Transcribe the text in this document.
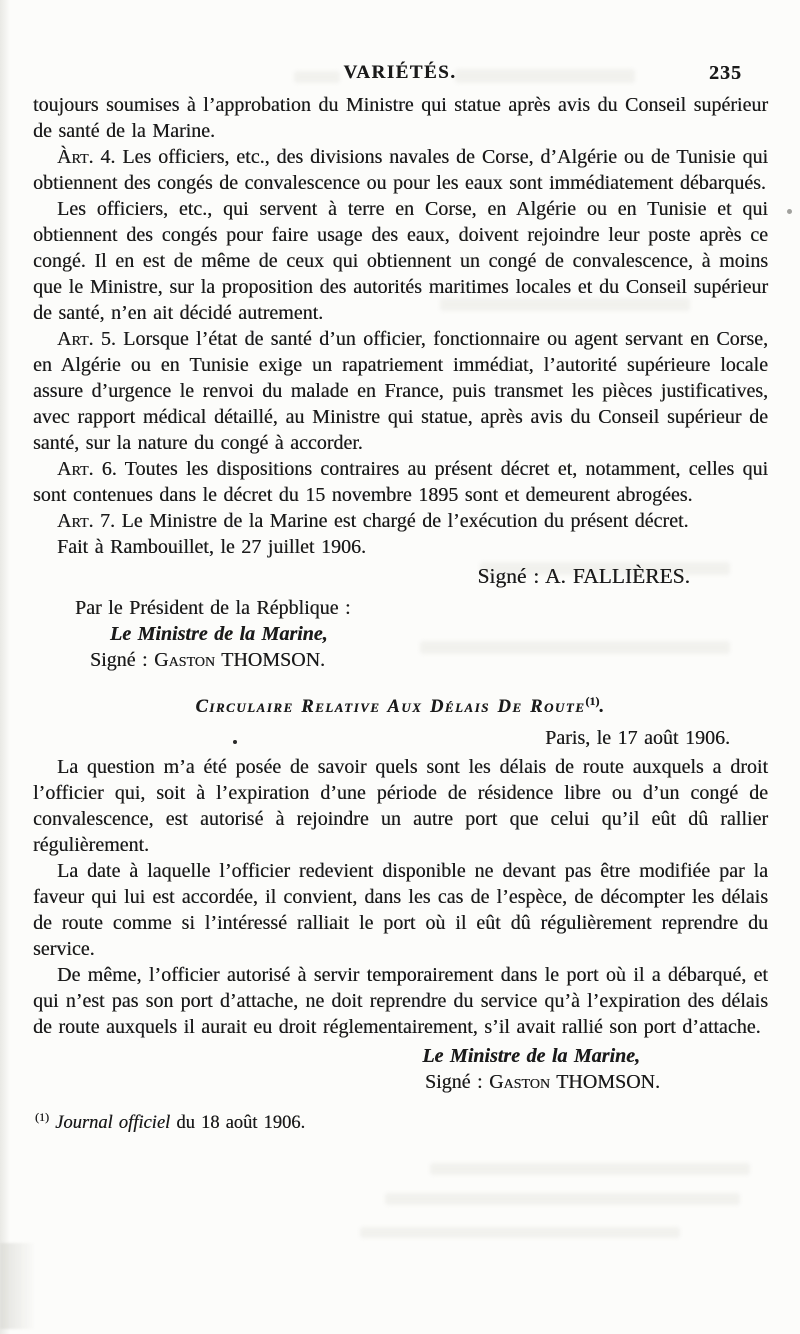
VARIÉTÉS.	235

toujours soumises à l’approbation du Ministre qui statue après avis du Conseil supérieur de santé de la Marine.

Àrt. 4. Les officiers, etc., des divisions navales de Corse, d’Algérie ou de Tunisie qui obtiennent des congés de convalescence ou pour les eaux sont immédiatement débarqués.

Les officiers, etc., qui servent à terre en Corse, en Algérie ou en Tunisie et qui obtiennent des congés pour faire usage des eaux, doivent rejoindre leur poste après ce congé. Il en est de même de ceux qui obtiennent un congé de convalescence, à moins que le Ministre, sur la proposition des autorités maritimes locales et du Conseil supérieur de santé, n’en ait décidé autrement.

Art. 5. Lorsque l’état de santé d’un officier, fonctionnaire ou agent servant en Corse, en Algérie ou en Tunisie exige un rapatriement immédiat, l’autorité supérieure locale assure d’urgence le renvoi du malade en France, puis transmet les pièces justificatives, avec rapport médical détaillé, au Ministre qui statue, après avis du Conseil supérieur de santé, sur la nature du congé à accorder.

Art. 6. Toutes les dispositions contraires au présent décret et, notamment, celles qui sont contenues dans le décret du 15 novembre 1895 sont et demeurent abrogées.

Art. 7. Le Ministre de la Marine est chargé de l’exécution du présent décret.

Fait à Rambouillet, le 27 juillet 1906.

Signé : A. FALLIÈRES.
Par le Président de la Répblique :
Le Ministre de la Marine,
Signé : Gaston THOMSON.
Circulaire Relative Aux Délais De Route$^{(1)}$.
Paris, le 17 août 1906.

La question m’a été posée de savoir quels sont les délais de route auxquels a droit l’officier qui, soit à l’expiration d’une période de résidence libre ou d’un congé de convalescence, est autorisé à rejoindre un autre port que celui qu’il eût dû rallier régulièrement.

La date à laquelle l’officier redevient disponible ne devant pas être modifiée par la faveur qui lui est accordée, il convient, dans les cas de l’espèce, de décompter les délais de route comme si l’intéressé ralliait le port où il eût dû régulièrement reprendre du service.

De même, l’officier autorisé à servir temporairement dans le port où il a débarqué, et qui n’est pas son port d’attache, ne doit reprendre du service qu’à l’expiration des délais de route auxquels il aurait eu droit réglementairement, s’il avait rallié son port d’attache.

Le Ministre de la Marine,
Signé : Gaston THOMSON.
$^{(1)}$ Journal officiel du 18 août 1906.
